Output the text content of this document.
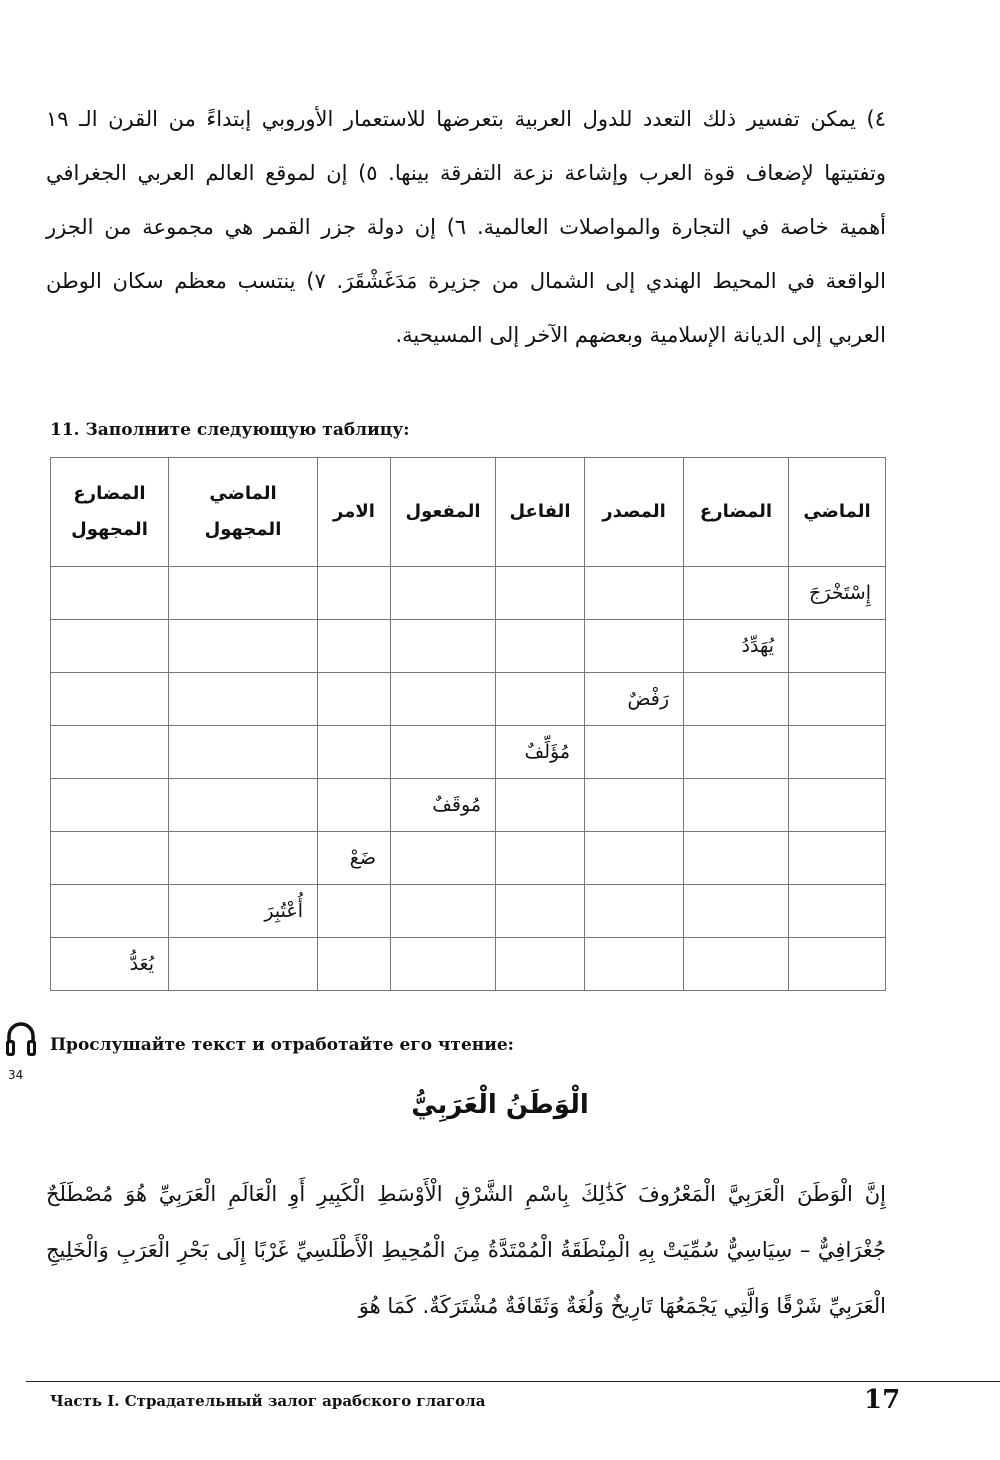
٤) يمكن تفسير ذلك التعدد للدول العربية بتعرضها للاستعمار الأوروبي إبتداءً من القرن الـ ١٩ وتفتيتها لإضعاف قوة العرب وإشاعة نزعة التفرقة بينها. ٥) إن لموقع العالم العربي الجغرافي أهمية خاصة في التجارة والمواصلات العالمية. ٦) إن دولة جزر القمر هي مجموعة من الجزر الواقعة في المحيط الهندي إلى الشمال من جزيرة مَدَغَشْقَرَ. ٧) ينتسب معظم سكان الوطن العربي إلى الديانة الإسلامية وبعضهم الآخر إلى المسيحية.
11. Заполните следующую таблицу:
الماضي	المضارع	المصدر	الفاعل	المفعول	الامر	الماضي المجهول	المضارع المجهول
إِسْتَخْرَجَ							
	يُهَدِّدُ						
		رَفْضٌ					
			مُؤَلِّفٌ				
				مُوقَفٌ			
					ضَعْ		
						أُعْتُبِرَ	
							يُعَدُّ
34
Прослушайте текст и отработайте его чтение:
الْوَطَنُ الْعَرَبِيُّ
إِنَّ الْوَطَنَ الْعَرَبِيَّ الْمَعْرُوفَ كَذَٰلِكَ بِاسْمِ الشَّرْقِ الْأَوْسَطِ الْكَبِيرِ أَوِ الْعَالَمِ الْعَرَبِيِّ هُوَ مُصْطَلَحٌ جُغْرَافِيٌّ – سِيَاسِيٌّ سُمِّيَتْ بِهِ الْمِنْطَقَةُ الْمُمْتَدَّةُ مِنَ الْمُحِيطِ الْأَطْلَسِيِّ غَرْبًا إِلَى بَحْرِ الْعَرَبِ وَالْخَلِيجِ الْعَرَبِيِّ شَرْقًا وَالَّتِي يَجْمَعُهَا تَارِيخٌ وَلُغَةٌ وَثَقَافَةٌ مُشْتَرَكَةٌ. كَمَا هُوَ
Часть I. Страдательный залог арабского глагола	17
